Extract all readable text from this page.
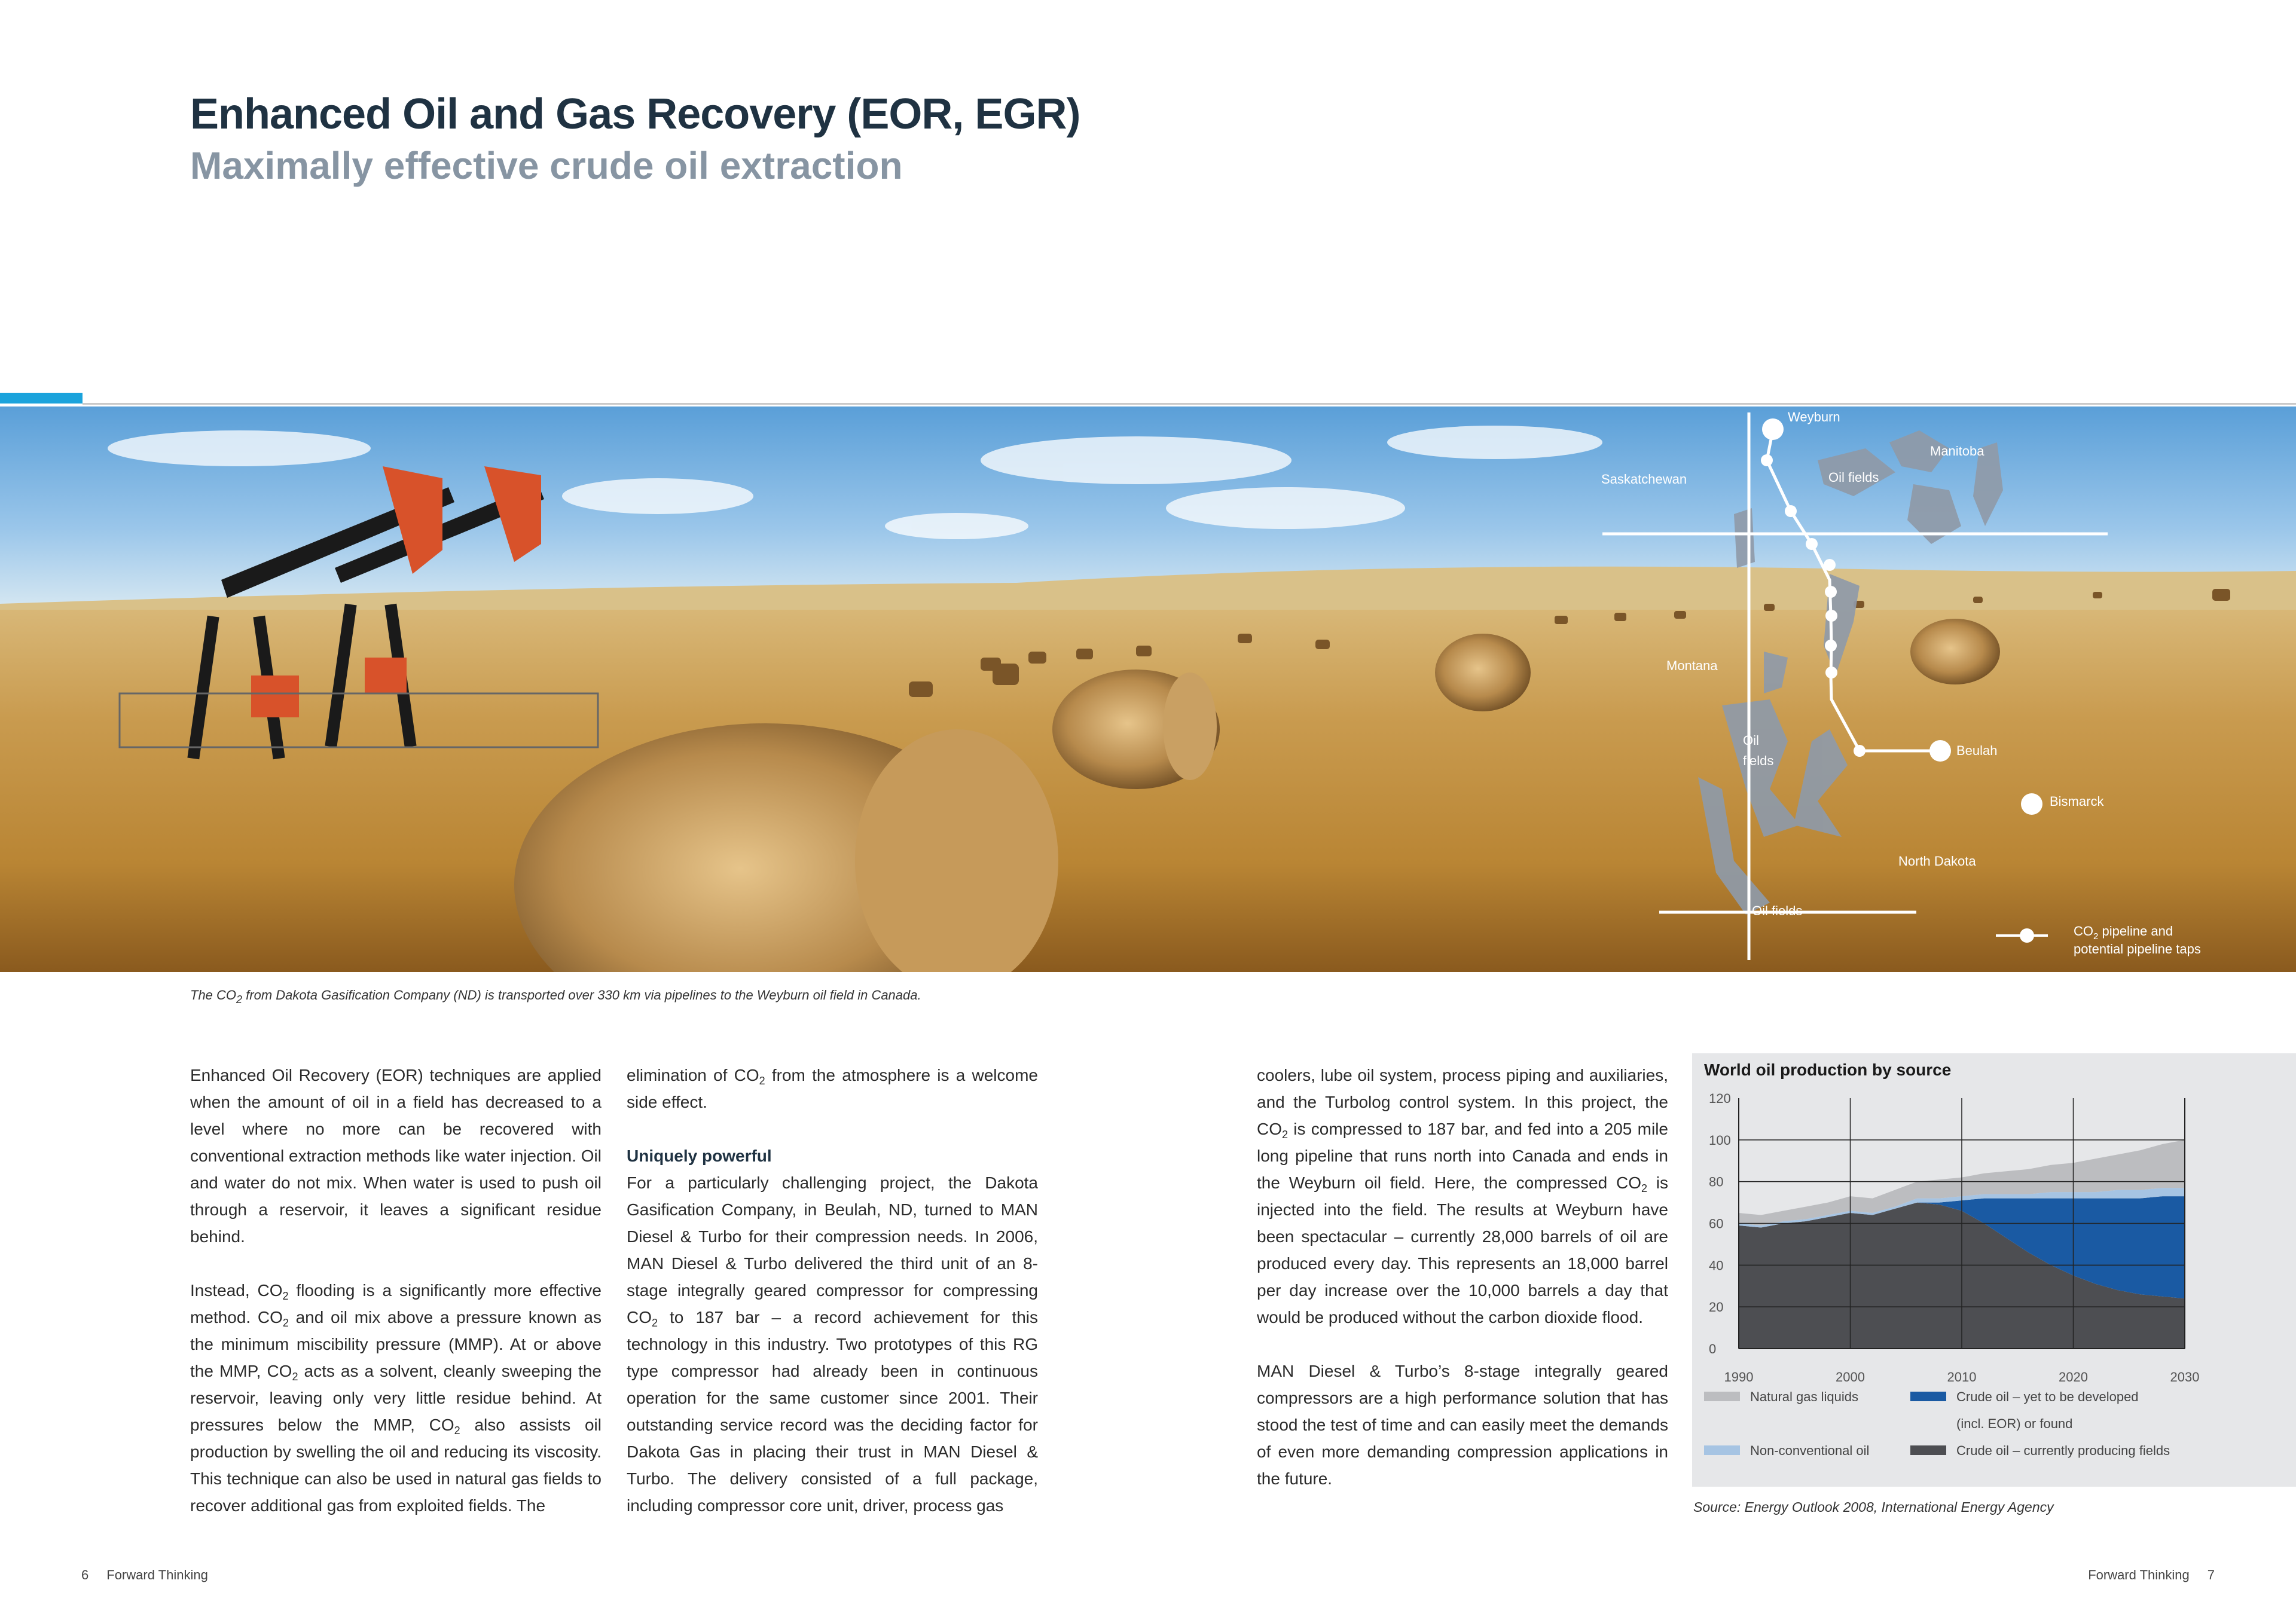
Enhanced Oil and Gas Recovery (EOR, EGR)
Maximally effective crude oil extraction
Weyburn
Manitoba
Saskatchewan	Oil fields
Montana
Oil
fields
Beulah
Bismarck
North Dakota
Oil fields
$CO_2$ pipeline and
potential pipeline taps
The $CO_2$ from Dakota Gasification Company (ND) is transported over 330 km via pipelines to the Weyburn oil field in Canada.

Enhanced Oil Recovery (EOR) techniques are applied when the amount of oil in a field has decreased to a level where no more can be recovered with conventional extraction methods like water injection. Oil and water do not mix. When water is used to push oil through a reservoir, it leaves a significant residue behind.

Instead, $CO_2$ flooding is a significantly more effective method. $CO_2$ and oil mix above a pressure known as the minimum miscibility pressure (MMP). At or above the MMP, $CO_2$ acts as a solvent, cleanly sweeping the reservoir, leaving only very little residue behind. At pressures below the MMP, $CO_2$ also assists oil production by swelling the oil and reducing its viscosity. This technique can also be used in natural gas fields to recover additional gas from exploited fields. The

elimination of $CO_2$ from the atmosphere is a welcome side effect.

Uniquely powerful

For a particularly challenging project, the Dakota Gasification Company, in Beulah, ND, turned to MAN Diesel & Turbo for their compression needs. In 2006, MAN Diesel & Turbo delivered the third unit of an 8-stage integrally geared compressor for compressing $CO_2$ to 187 bar – a record achievement for this technology in this industry. Two prototypes of this RG type compressor had already been in continuous operation for the same customer since 2001. Their outstanding service record was the deciding factor for Dakota Gas in placing their trust in MAN Diesel & Turbo. The delivery consisted of a full package, including compressor core unit, driver, process gas

coolers, lube oil system, process piping and auxiliaries, and the Turbolog control system. In this project, the $CO_2$ is compressed to 187 bar, and fed into a 205 mile long pipeline that runs north into Canada and ends in the Weyburn oil field. Here, the compressed $CO_2$ is injected into the field. The results at Weyburn have been spectacular – currently 28,000 barrels of oil are produced every day. This represents an 18,000 barrel per day increase over the 10,000 barrels a day that would be produced without the carbon dioxide flood.

MAN Diesel & Turbo’s 8-stage integrally geared compressors are a high performance solution that has stood the test of time and can easily meet the demands of even more demanding compression applications in the future.

World oil production by source
0
20
40
60
80
100
120
1990	2000	2010	2020	2030
Natural gas liquids	Crude oil – yet to be developed
(incl. EOR) or found
Non-conventional oil	Crude oil – currently producing fields
Source: Energy Outlook 2008, International Energy Agency
6 Forward Thinking	Forward Thinking 7
